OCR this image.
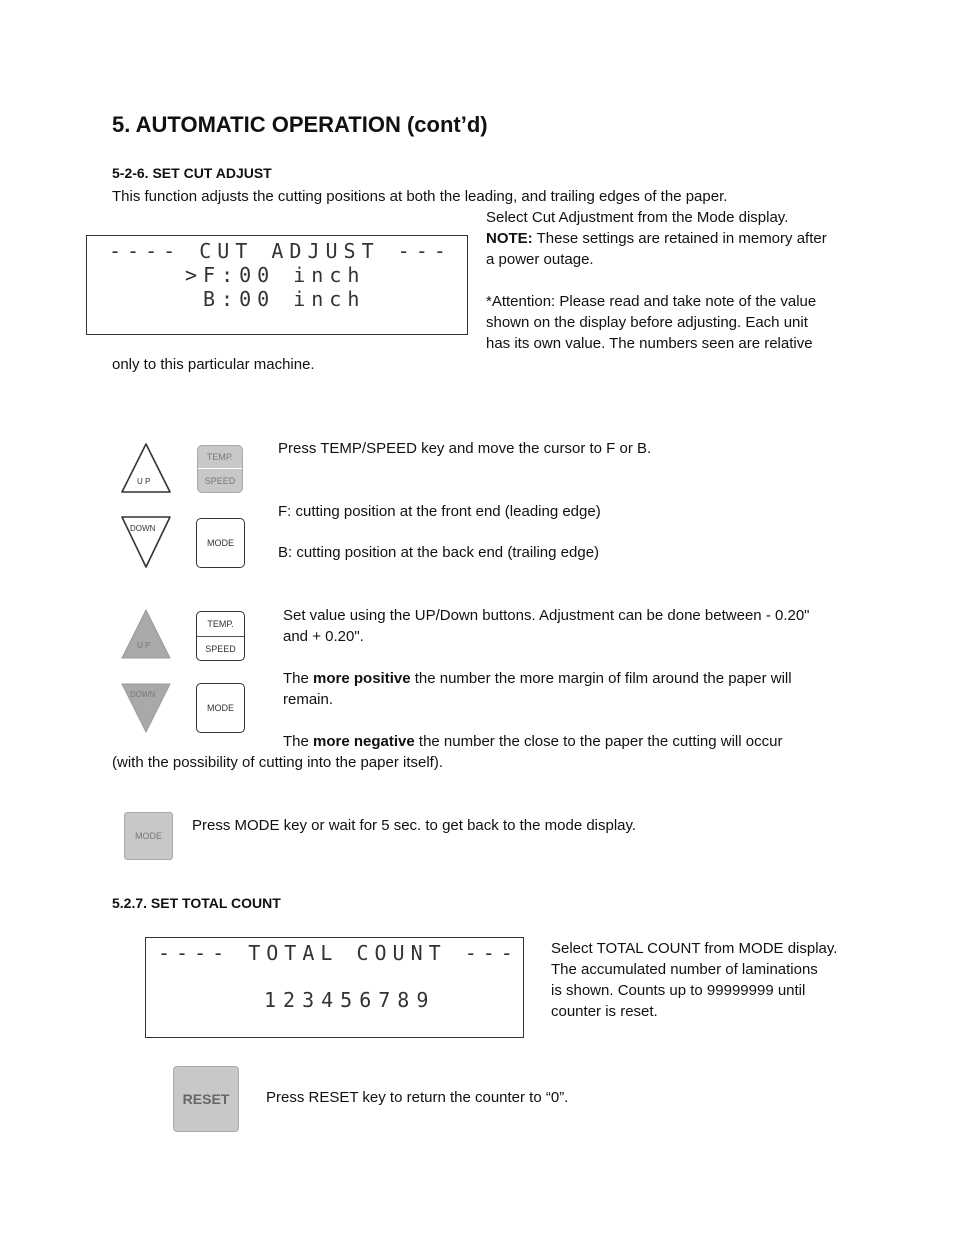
5. AUTOMATIC OPERATION (cont’d)
5-2-6. SET CUT ADJUST
This function adjusts the cutting positions at both the leading, and trailing edges of the paper.
---- CUT ADJUST ---
>F:00 inch
B:00 inch
Select Cut Adjustment from the Mode display.
NOTE: These settings are retained in memory after
a power outage.
*Attention: Please read and take note of the value
shown on the display before adjusting. Each unit
has its own value. The numbers seen are relative
only to this particular machine.
U P
TEMP.
SPEED
DOWN
MODE
Press TEMP/SPEED key and move the cursor to F or B.
F: cutting position at the front end (leading edge)
B: cutting position at the back end (trailing edge)
U P
TEMP.
SPEED
DOWN
MODE
Set value using the UP/Down buttons. Adjustment can be done between - 0.20"
and + 0.20".
The more positive the number the more margin of film around the paper will
remain.
The more negative the number the close to the paper the cutting will occur
(with the possibility of cutting into the paper itself).
MODE
Press MODE key or wait for 5 sec. to get back to the mode display.
5.2.7. SET TOTAL COUNT
---- TOTAL COUNT ---
123456789
Select TOTAL COUNT from MODE display.
The accumulated number of laminations
is shown. Counts up to 99999999 until
counter is reset.
RESET Press RESET key to return the counter to “0”.
